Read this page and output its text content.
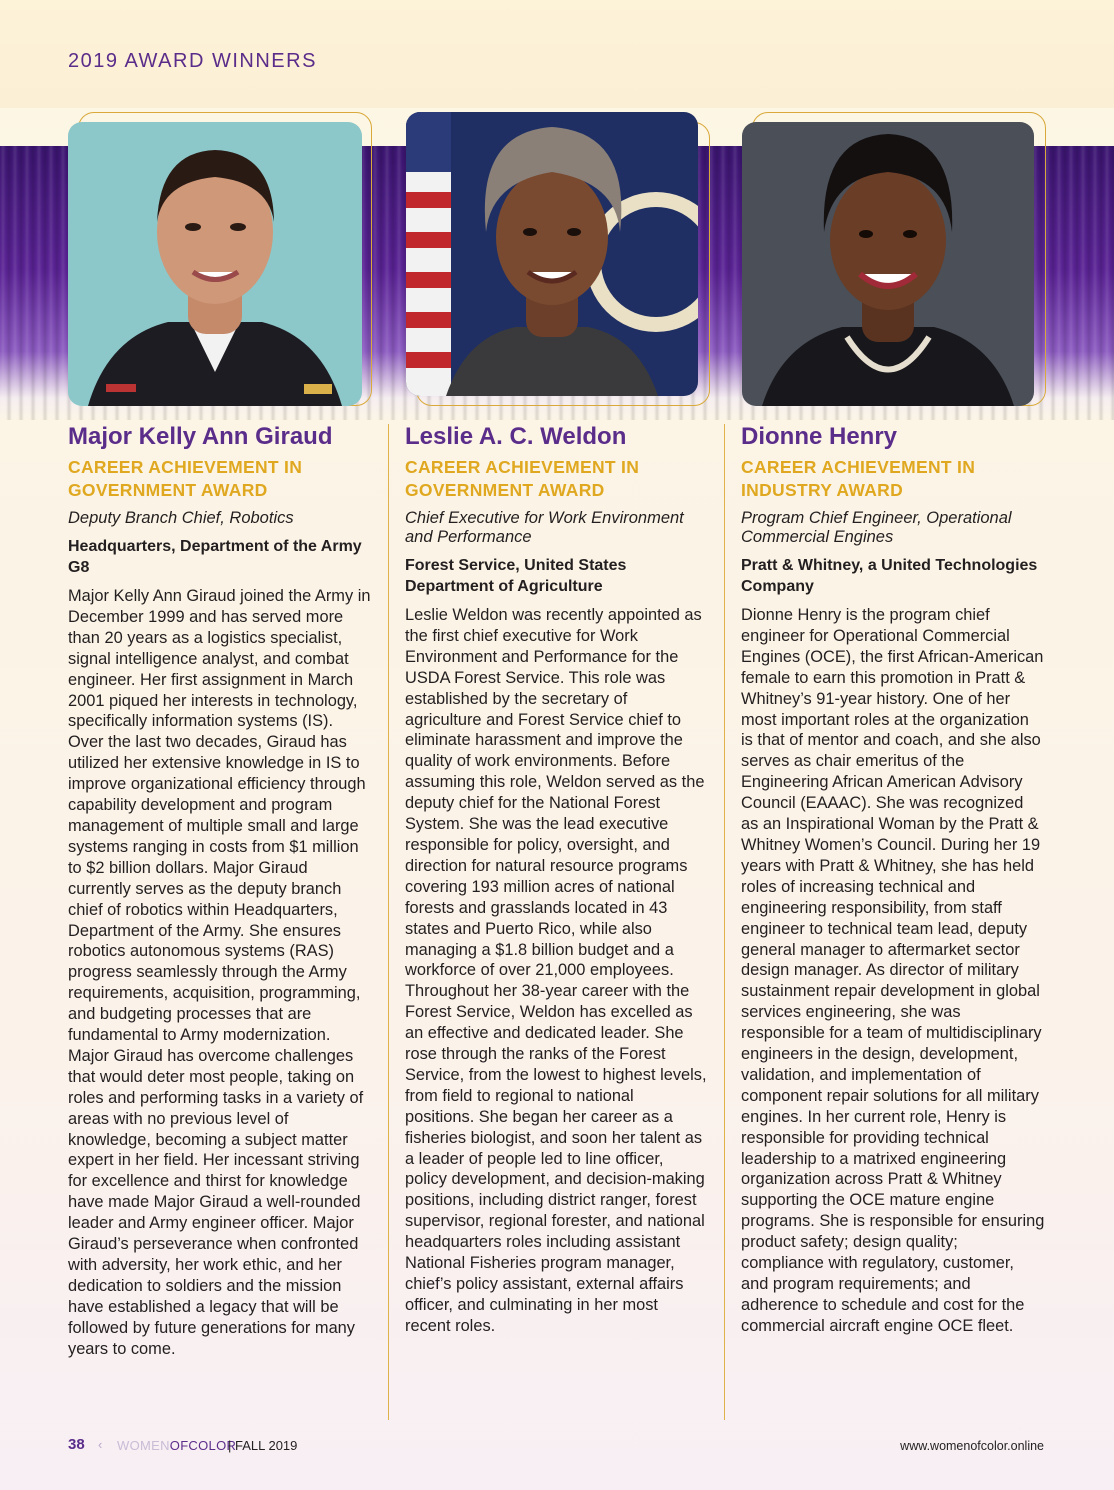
2019 AWARD WINNERS
Major Kelly Ann Giraud
CAREER ACHIEVEMENT IN GOVERNMENT AWARD
Deputy Branch Chief, Robotics
Headquarters, Department of the Army G8
Major Kelly Ann Giraud joined the Army in December 1999 and has served more than 20 years as a logistics specialist, signal intelligence analyst, and combat engineer. Her first assignment in March 2001 piqued her interests in technology, specifically information systems (IS). Over the last two decades, Giraud has utilized her extensive knowledge in IS to improve organizational efficiency through capability development and program management of multiple small and large systems ranging in costs from $1 million to $2 billion dollars. Major Giraud currently serves as the deputy branch chief of robotics within Headquarters, Department of the Army. She ensures robotics autonomous systems (RAS) progress seamlessly through the Army requirements, acquisition, programming, and budgeting processes that are fundamental to Army modernization. Major Giraud has overcome challenges that would deter most people, taking on roles and performing tasks in a variety of areas with no previous level of knowledge, becoming a subject matter expert in her field. Her incessant striving for excellence and thirst for knowledge have made Major Giraud a well-rounded leader and Army engineer officer. Major Giraud’s perseverance when confronted with adversity, her work ethic, and her dedication to soldiers and the mission have established a legacy that will be followed by future generations for many years to come.
Leslie A. C. Weldon
CAREER ACHIEVEMENT IN GOVERNMENT AWARD
Chief Executive for Work Environment and Performance
Forest Service, United States Department of Agriculture
Leslie Weldon was recently appointed as the first chief executive for Work Environment and Performance for the USDA Forest Service. This role was established by the secretary of agriculture and Forest Service chief to eliminate harassment and improve the quality of work environments. Before assuming this role, Weldon served as the deputy chief for the National Forest System. She was the lead executive responsible for policy, oversight, and direction for natural resource programs covering 193 million acres of national forests and grasslands located in 43 states and Puerto Rico, while also managing a $1.8 billion budget and a workforce of over 21,000 employees. Throughout her 38-year career with the Forest Service, Weldon has excelled as an effective and dedicated leader. She rose through the ranks of the Forest Service, from the lowest to highest levels, from field to regional to national positions. She began her career as a fisheries biologist, and soon her talent as a leader of people led to line officer, policy development, and decision-making positions, including district ranger, forest supervisor, regional forester, and national headquarters roles including assistant National Fisheries program manager, chief’s policy assistant, external affairs officer, and culminating in her most recent roles.
Dionne Henry
CAREER ACHIEVEMENT IN INDUSTRY AWARD
Program Chief Engineer, Operational Commercial Engines
Pratt & Whitney, a United Technologies Company
Dionne Henry is the program chief engineer for Operational Commercial Engines (OCE), the first African-American female to earn this promotion in Pratt & Whitney’s 91-year history. One of her most important roles at the organization is that of mentor and coach, and she also serves as chair emeritus of the Engineering African American Advisory Council (EAAAC). She was recognized as an Inspirational Woman by the Pratt & Whitney Women’s Council. During her 19 years with Pratt & Whitney, she has held roles of increasing technical and engineering responsibility, from staff engineer to technical team lead, deputy general manager to aftermarket sector design manager. As director of military sustainment repair development in global services engineering, she was responsible for a team of multidisciplinary engineers in the design, development, validation, and implementation of component repair solutions for all military engines. In her current role, Henry is responsible for providing technical leadership to a matrixed engineering organization across Pratt & Whitney supporting the OCE mature engine programs. She is responsible for ensuring product safety; design quality; compliance with regulatory, customer, and program requirements; and adherence to schedule and cost for the commercial aircraft engine OCE fleet.
38 ‹ WOMENOFCOLOR
| FALL 2019	www.womenofcolor.online
